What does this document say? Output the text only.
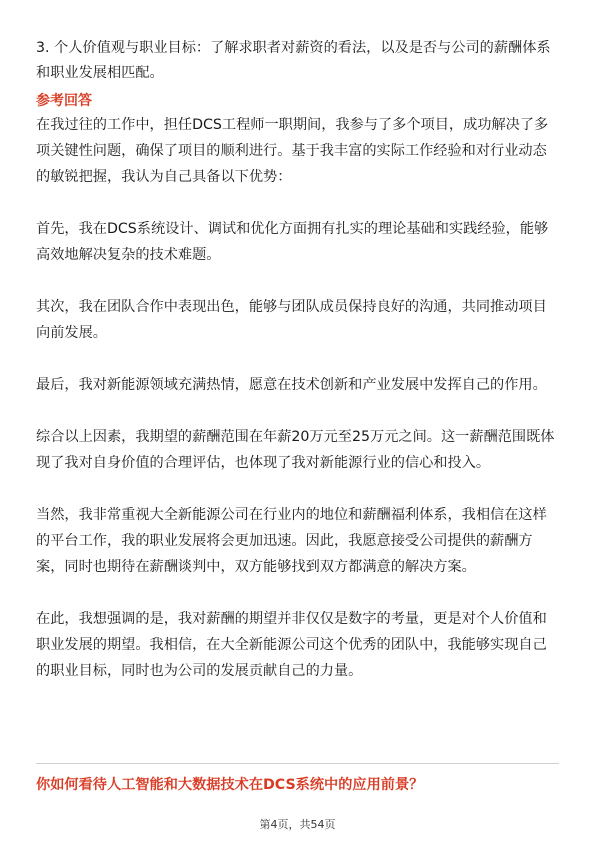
3. 个人价值观与职业目标：了解求职者对薪资的看法，以及是否与公司的薪酬体系和职业发展相匹配。

参考回答

在我过往的工作中，担任DCS工程师一职期间，我参与了多个项目，成功解决了多项关键性问题，确保了项目的顺利进行。基于我丰富的实际工作经验和对行业动态的敏锐把握，我认为自己具备以下优势：

首先，我在DCS系统设计、调试和优化方面拥有扎实的理论基础和实践经验，能够高效地解决复杂的技术难题。

其次，我在团队合作中表现出色，能够与团队成员保持良好的沟通，共同推动项目向前发展。

最后，我对新能源领域充满热情，愿意在技术创新和产业发展中发挥自己的作用。

综合以上因素，我期望的薪酬范围在年薪20万元至25万元之间。这一薪酬范围既体现了我对自身价值的合理评估，也体现了我对新能源行业的信心和投入。

当然，我非常重视大全新能源公司在行业内的地位和薪酬福利体系，我相信在这样的平台工作，我的职业发展将会更加迅速。因此，我愿意接受公司提供的薪酬方案，同时也期待在薪酬谈判中，双方能够找到双方都满意的解决方案。

在此，我想强调的是，我对薪酬的期望并非仅仅是数字的考量，更是对个人价值和职业发展的期望。我相信，在大全新能源公司这个优秀的团队中，我能够实现自己的职业目标，同时也为公司的发展贡献自己的力量。

你如何看待人工智能和大数据技术在DCS系统中的应用前景？

第4页，共54页
